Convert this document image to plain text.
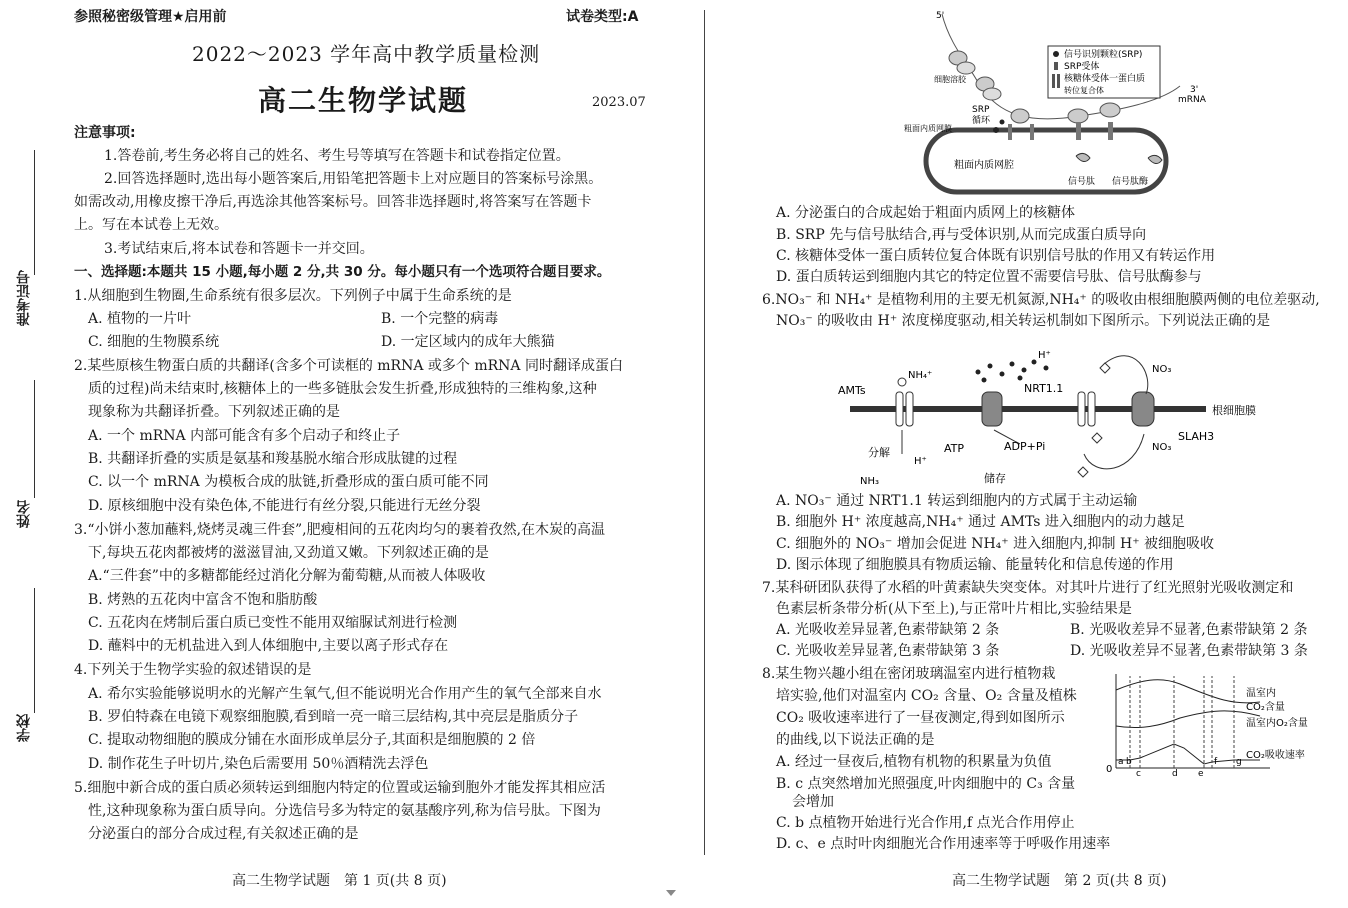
参照秘密级管理★启用前	试卷类型:A
2022～2023 学年高中教学质量检测
高二生物学试题	2023.07
准考证号
姓名
学校
注意事项:
1.答卷前,考生务必将自己的姓名、考生号等填写在答题卡和试卷指定位置。
2.回答选择题时,选出每小题答案后,用铅笔把答题卡上对应题目的答案标号涂黑。
如需改动,用橡皮擦干净后,再选涂其他答案标号。回答非选择题时,将答案写在答题卡
上。写在本试卷上无效。
3.考试结束后,将本试卷和答题卡一并交回。
一、选择题:本题共 15 小题,每小题 2 分,共 30 分。每小题只有一个选项符合题目要求。
1.从细胞到生物圈,生命系统有很多层次。下列例子中属于生命系统的是
A. 植物的一片叶	B. 一个完整的病毒
C. 细胞的生物膜系统	D. 一定区域内的成年大熊猫
2.某些原核生物蛋白质的共翻译(含多个可读框的 mRNA 或多个 mRNA 同时翻译成蛋白
质的过程)尚未结束时,核糖体上的一些多链肽会发生折叠,形成独特的三维构象,这种
现象称为共翻译折叠。下列叙述正确的是
A. 一个 mRNA 内部可能含有多个启动子和终止子
B. 共翻译折叠的实质是氨基和羧基脱水缩合形成肽键的过程
C. 以一个 mRNA 为模板合成的肽链,折叠形成的蛋白质可能不同
D. 原核细胞中没有染色体,不能进行有丝分裂,只能进行无丝分裂
3.“小饼小葱加蘸料,烧烤灵魂三件套”,肥瘦相间的五花肉均匀的裹着孜然,在木炭的高温
下,每块五花肉都被烤的滋滋冒油,又劲道又嫩。下列叙述正确的是
A.“三件套”中的多糖都能经过消化分解为葡萄糖,从而被人体吸收
B. 烤熟的五花肉中富含不饱和脂肪酸
C. 五花肉在烤制后蛋白质已变性不能用双缩脲试剂进行检测
D. 蘸料中的无机盐进入到人体细胞中,主要以离子形式存在
4.下列关于生物学实验的叙述错误的是
A. 希尔实验能够说明水的光解产生氧气,但不能说明光合作用产生的氧气全部来自水
B. 罗伯特森在电镜下观察细胞膜,看到暗一亮一暗三层结构,其中亮层是脂质分子
C. 提取动物细胞的膜成分铺在水面形成单层分子,其面积是细胞膜的 2 倍
D. 制作花生子叶切片,染色后需要用 50％酒精洗去浮色
5.细胞中新合成的蛋白质必须转运到细胞内特定的位置或运输到胞外才能发挥其相应活
性,这种现象称为蛋白质导向。分选信号多为特定的氨基酸序列,称为信号肽。下图为
分泌蛋白的部分合成过程,有关叙述正确的是
高二生物学试题　第 1 页(共 8 页)
信号识别颗粒(SRP)
SRP受体
核糖体受体一蛋白质
转位复合体
5'
3'
mRNA
细胞溶胶
SRP
循环
粗面内质网膜
粗面内质网腔
信号肽 信号肽酶
A. 分泌蛋白的合成起始于粗面内质网上的核糖体
B. SRP 先与信号肽结合,再与受体识别,从而完成蛋白质导向
C. 核糖体受体一蛋白质转位复合体既有识别信号肽的作用又有转运作用
D. 蛋白质转运到细胞内其它的特定位置不需要信号肽、信号肽酶参与
6.NO₃⁻ 和 NH₄⁺ 是植物利用的主要无机氮源,NH₄⁺ 的吸收由根细胞膜两侧的电位差驱动,
NO₃⁻ 的吸收由 H⁺ 浓度梯度驱动,相关转运机制如下图所示。下列说法正确的是
AMTs
NH₄⁺
H⁺
NRT1.1
NO₃
根细胞膜
SLAH3
NO₃
分解	ATP	ADP+Pi
H⁺
NH₃	储存
A. NO₃⁻ 通过 NRT1.1 转运到细胞内的方式属于主动运输
B. 细胞外 H⁺ 浓度越高,NH₄⁺ 通过 AMTs 进入细胞内的动力越足
C. 细胞外的 NO₃⁻ 增加会促进 NH₄⁺ 进入细胞内,抑制 H⁺ 被细胞吸收
D. 图示体现了细胞膜具有物质运输、能量转化和信息传递的作用
7.某科研团队获得了水稻的叶黄素缺失突变体。对其叶片进行了红光照射光吸收测定和
色素层析条带分析(从下至上),与正常叶片相比,实验结果是
A. 光吸收差异显著,色素带缺第 2 条	B. 光吸收差异不显著,色素带缺第 2 条
C. 光吸收差异显著,色素带缺第 3 条	D. 光吸收差异不显著,色素带缺第 3 条
8.某生物兴趣小组在密闭玻璃温室内进行植物栽
培实验,他们对温室内 CO₂ 含量、O₂ 含量及植株
CO₂ 吸收速率进行了一昼夜测定,得到如图所示
的曲线,以下说法正确的是
A. 经过一昼夜后,植物有机物的积累量为负值
B. c 点突然增加光照强度,叶肉细胞中的 C₃ 含量
会增加
C. b 点植物开始进行光合作用,f 点光合作用停止
D. c、e 点时叶肉细胞光合作用速率等于呼吸作用速率
0
a b
c	d e
f g
温室内
CO₂含量
温室内O₂含量
CO₂吸收速率
高二生物学试题　第 2 页(共 8 页)
